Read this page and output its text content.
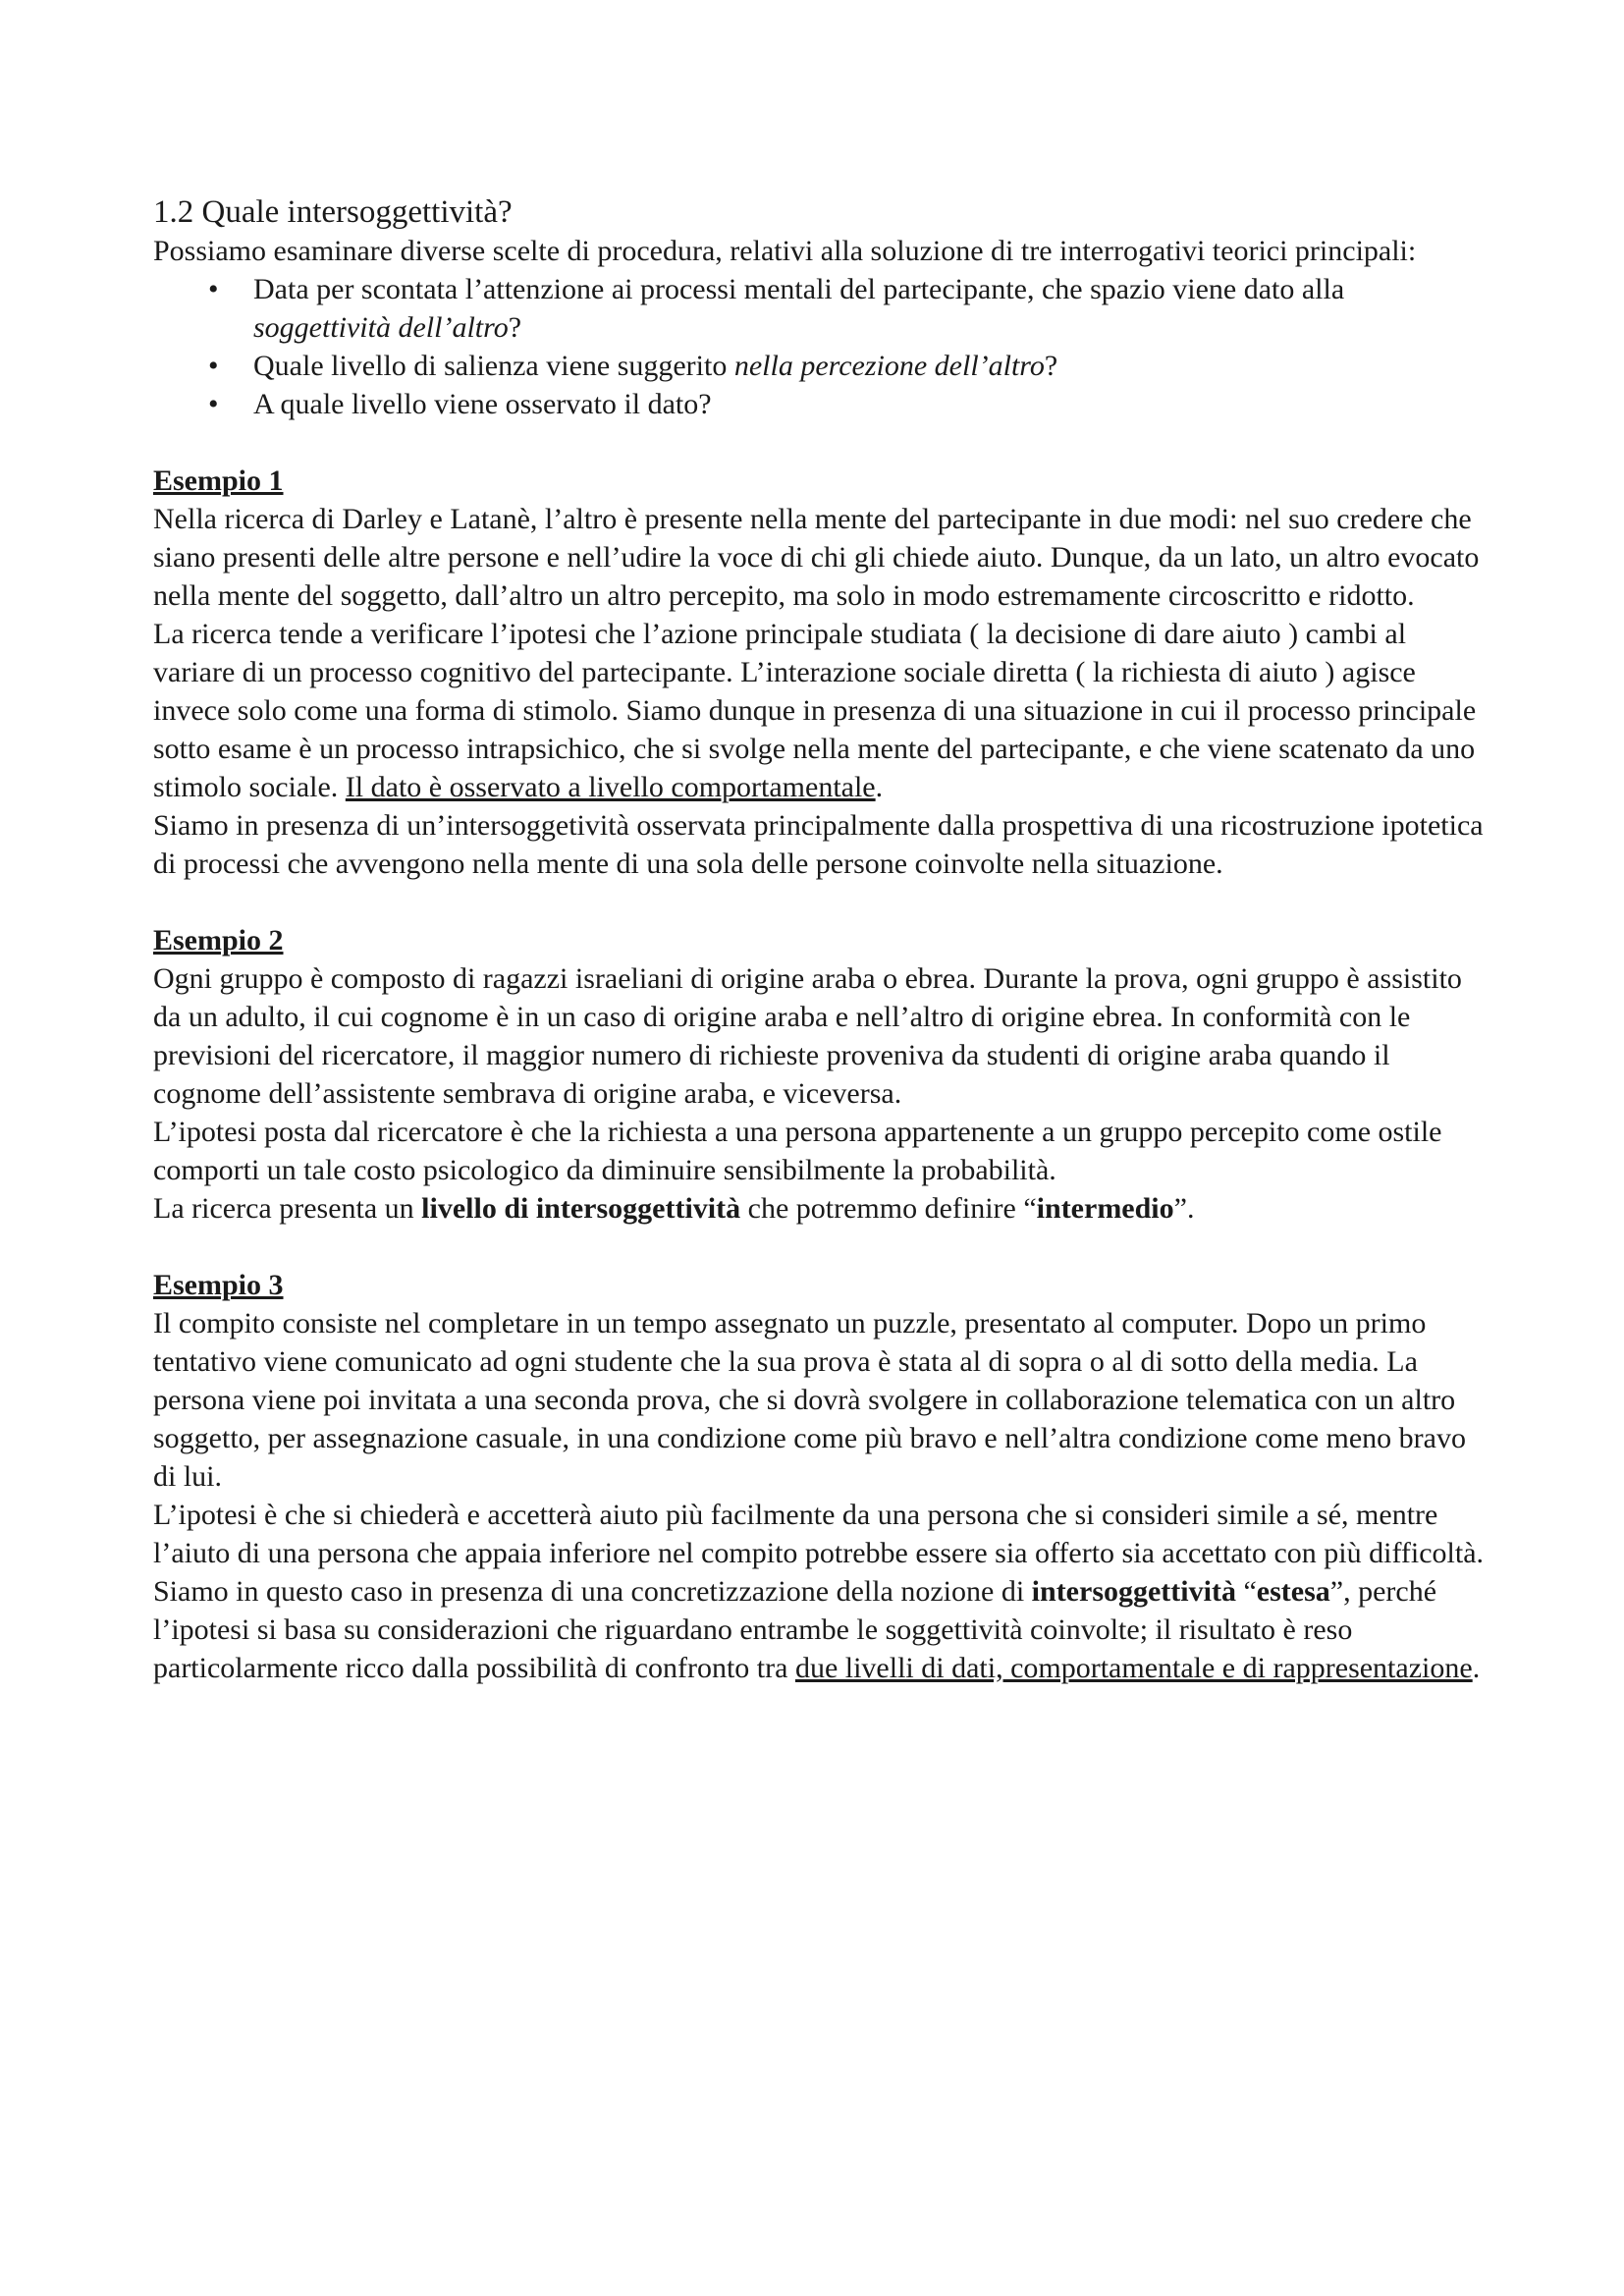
1.2 Quale intersoggettività?

Possiamo esaminare diverse scelte di procedura, relativi alla soluzione di tre interrogativi teorici principali:

• Data per scontata l’attenzione ai processi mentali del partecipante, che spazio viene dato alla soggettività dell’altro?
• Quale livello di salienza viene suggerito nella percezione dell’altro?
• A quale livello viene osservato il dato?

Esempio 1

Nella ricerca di Darley e Latanè, l’altro è presente nella mente del partecipante in due modi: nel suo credere che siano presenti delle altre persone e nell’udire la voce di chi gli chiede aiuto. Dunque, da un lato, un altro evocato nella mente del soggetto, dall’altro un altro percepito, ma solo in modo estremamente circoscritto e ridotto.

La ricerca tende a verificare l’ipotesi che l’azione principale studiata ( la decisione di dare aiuto ) cambi al variare di un processo cognitivo del partecipante. L’interazione sociale diretta ( la richiesta di aiuto ) agisce invece solo come una forma di stimolo. Siamo dunque in presenza di una situazione in cui il processo principale sotto esame è un processo intrapsichico, che si svolge nella mente del partecipante, e che viene scatenato da uno stimolo sociale. Il dato è osservato a livello comportamentale.

Siamo in presenza di un’intersoggetività osservata principalmente dalla prospettiva di una ricostruzione ipotetica di processi che avvengono nella mente di una sola delle persone coinvolte nella situazione.

Esempio 2

Ogni gruppo è composto di ragazzi israeliani di origine araba o ebrea. Durante la prova, ogni gruppo è assistito da un adulto, il cui cognome è in un caso di origine araba e nell’altro di origine ebrea. In conformità con le previsioni del ricercatore, il maggior numero di richieste proveniva da studenti di origine araba quando il cognome dell’assistente sembrava di origine araba, e viceversa.

L’ipotesi posta dal ricercatore è che la richiesta a una persona appartenente a un gruppo percepito come ostile comporti un tale costo psicologico da diminuire sensibilmente la probabilità.

La ricerca presenta un livello di intersoggettività che potremmo definire “intermedio”.

Esempio 3

Il compito consiste nel completare in un tempo assegnato un puzzle, presentato al computer. Dopo un primo tentativo viene comunicato ad ogni studente che la sua prova è stata al di sopra o al di sotto della media. La persona viene poi invitata a una seconda prova, che si dovrà svolgere in collaborazione telematica con un altro soggetto, per assegnazione casuale, in una condizione come più bravo e nell’altra condizione come meno bravo di lui.

L’ipotesi è che si chiederà e accetterà aiuto più facilmente da una persona che si consideri simile a sé, mentre l’aiuto di una persona che appaia inferiore nel compito potrebbe essere sia offerto sia accettato con più difficoltà.

Siamo in questo caso in presenza di una concretizzazione della nozione di intersoggettività “estesa”, perché l’ipotesi si basa su considerazioni che riguardano entrambe le soggettività coinvolte; il risultato è reso particolarmente ricco dalla possibilità di confronto tra due livelli di dati, comportamentale e di rappresentazione.
